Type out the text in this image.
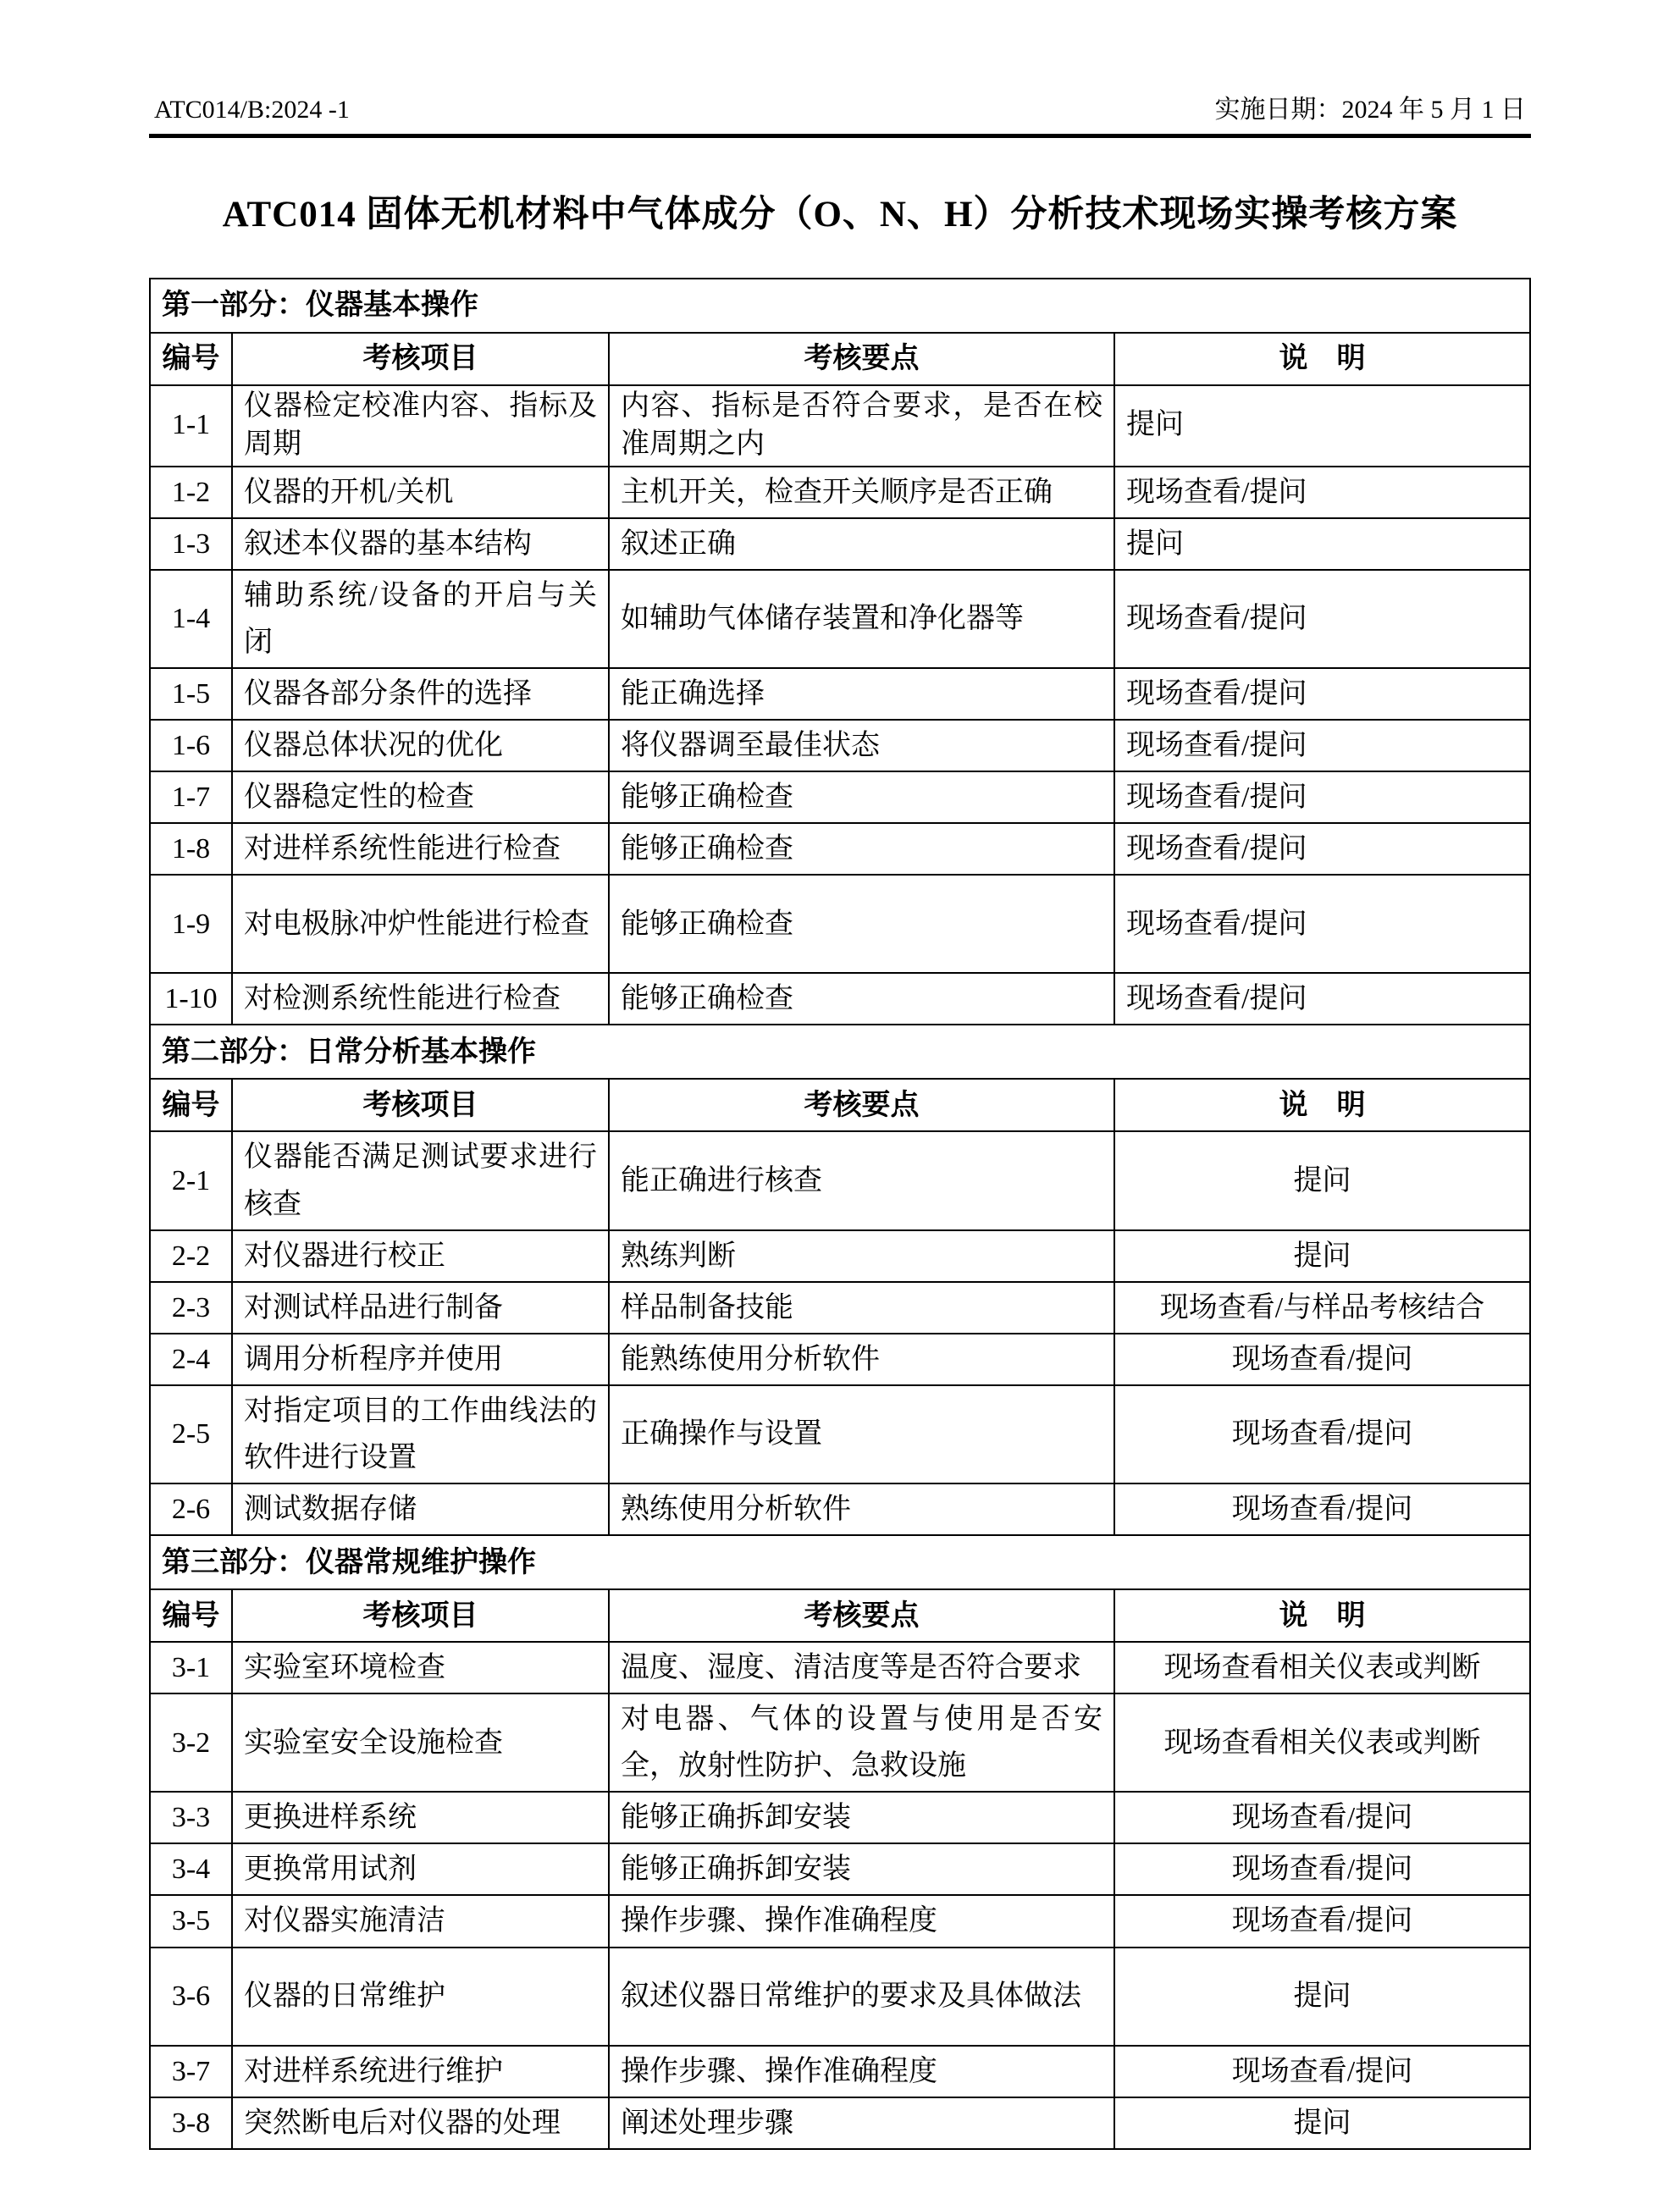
ATC014/B:2024 -1	实施日期：2024 年 5 月 1 日
ATC014 固体无机材料中气体成分（O、N、H）分析技术现场实操考核方案
第一部分：仪器基本操作			
编号	考核项目	考核要点	说　明
1-1	仪器检定校准内容、指标及周期	内容、指标是否符合要求，是否在校准周期之内	提问
1-2	仪器的开机/关机	主机开关，检查开关顺序是否正确	现场查看/提问
1-3	叙述本仪器的基本结构	叙述正确	提问
1-4	辅助系统/设备的开启与关闭	如辅助气体储存装置和净化器等	现场查看/提问
1-5	仪器各部分条件的选择	能正确选择	现场查看/提问
1-6	仪器总体状况的优化	将仪器调至最佳状态	现场查看/提问
1-7	仪器稳定性的检查	能够正确检查	现场查看/提问
1-8	对进样系统性能进行检查	能够正确检查	现场查看/提问
1-9	对电极脉冲炉性能进行检查	能够正确检查	现场查看/提问
1-10	对检测系统性能进行检查	能够正确检查	现场查看/提问
第二部分：日常分析基本操作			
编号	考核项目	考核要点	说　明
2-1	仪器能否满足测试要求进行核查	能正确进行核查	提问
2-2	对仪器进行校正	熟练判断	提问
2-3	对测试样品进行制备	样品制备技能	现场查看/与样品考核结合
2-4	调用分析程序并使用	能熟练使用分析软件	现场查看/提问
2-5	对指定项目的工作曲线法的软件进行设置	正确操作与设置	现场查看/提问
2-6	测试数据存储	熟练使用分析软件	现场查看/提问
第三部分：仪器常规维护操作			
编号	考核项目	考核要点	说　明
3-1	实验室环境检查	温度、湿度、清洁度等是否符合要求	现场查看相关仪表或判断
3-2	实验室安全设施检查	对电器、气体的设置与使用是否安全，放射性防护、急救设施	现场查看相关仪表或判断
3-3	更换进样系统	能够正确拆卸安装	现场查看/提问
3-4	更换常用试剂	能够正确拆卸安装	现场查看/提问
3-5	对仪器实施清洁	操作步骤、操作准确程度	现场查看/提问
3-6	仪器的日常维护	叙述仪器日常维护的要求及具体做法	提问
3-7	对进样系统进行维护	操作步骤、操作准确程度	现场查看/提问
3-8	突然断电后对仪器的处理	阐述处理步骤	提问
